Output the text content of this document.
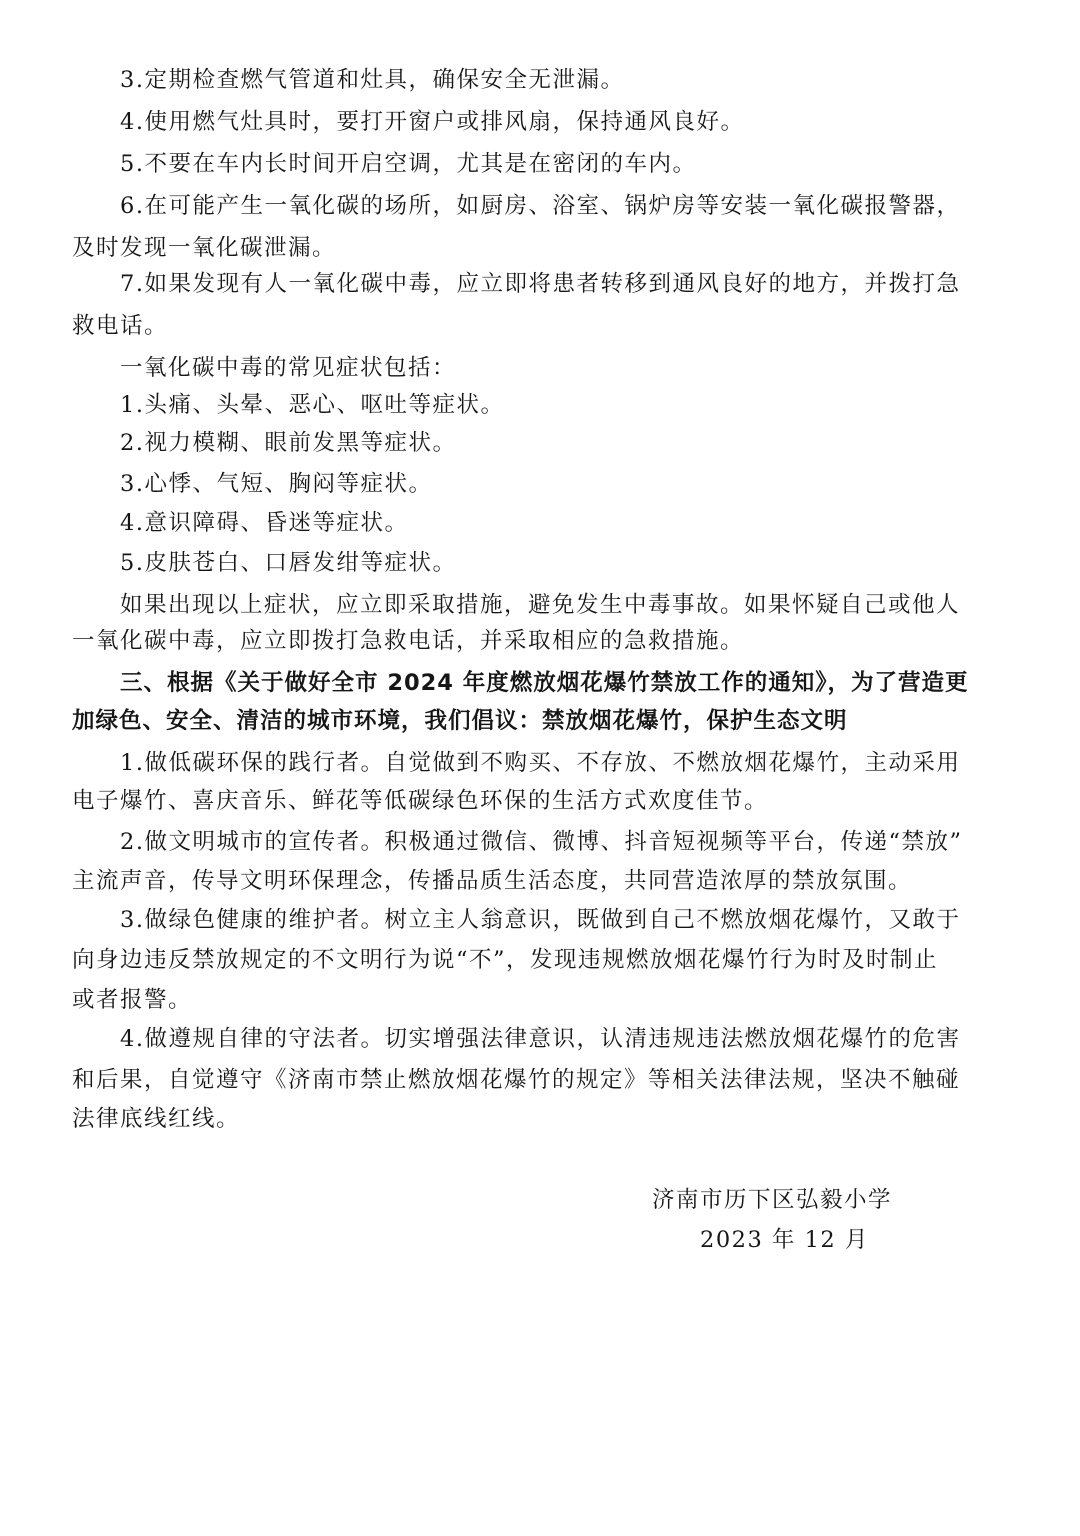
3.定期检查燃气管道和灶具，确保安全无泄漏。
4.使用燃气灶具时，要打开窗户或排风扇，保持通风良好。
5.不要在车内长时间开启空调，尤其是在密闭的车内。
6.在可能产生一氧化碳的场所，如厨房、浴室、锅炉房等安装一氧化碳报警器，
及时发现一氧化碳泄漏。
7.如果发现有人一氧化碳中毒，应立即将患者转移到通风良好的地方，并拨打急
救电话。
一氧化碳中毒的常见症状包括：
1.头痛、头晕、恶心、呕吐等症状。
2.视力模糊、眼前发黑等症状。
3.心悸、气短、胸闷等症状。
4.意识障碍、昏迷等症状。
5.皮肤苍白、口唇发绀等症状。
如果出现以上症状，应立即采取措施，避免发生中毒事故。如果怀疑自己或他人
一氧化碳中毒，应立即拨打急救电话，并采取相应的急救措施。
三、根据《关于做好全市 2024 年度燃放烟花爆竹禁放工作的通知》，为了营造更
加绿色、安全、清洁的城市环境，我们倡议：禁放烟花爆竹，保护生态文明
1.做低碳环保的践行者。自觉做到不购买、不存放、不燃放烟花爆竹，主动采用
电子爆竹、喜庆音乐、鲜花等低碳绿色环保的生活方式欢度佳节。
2.做文明城市的宣传者。积极通过微信、微博、抖音短视频等平台，传递“禁放”
主流声音，传导文明环保理念，传播品质生活态度，共同营造浓厚的禁放氛围。
3.做绿色健康的维护者。树立主人翁意识，既做到自己不燃放烟花爆竹，又敢于
向身边违反禁放规定的不文明行为说“不”，发现违规燃放烟花爆竹行为时及时制止
或者报警。
4.做遵规自律的守法者。切实增强法律意识，认清违规违法燃放烟花爆竹的危害
和后果，自觉遵守《济南市禁止燃放烟花爆竹的规定》等相关法律法规，坚决不触碰
法律底线红线。
济南市历下区弘毅小学
2023 年 12 月
